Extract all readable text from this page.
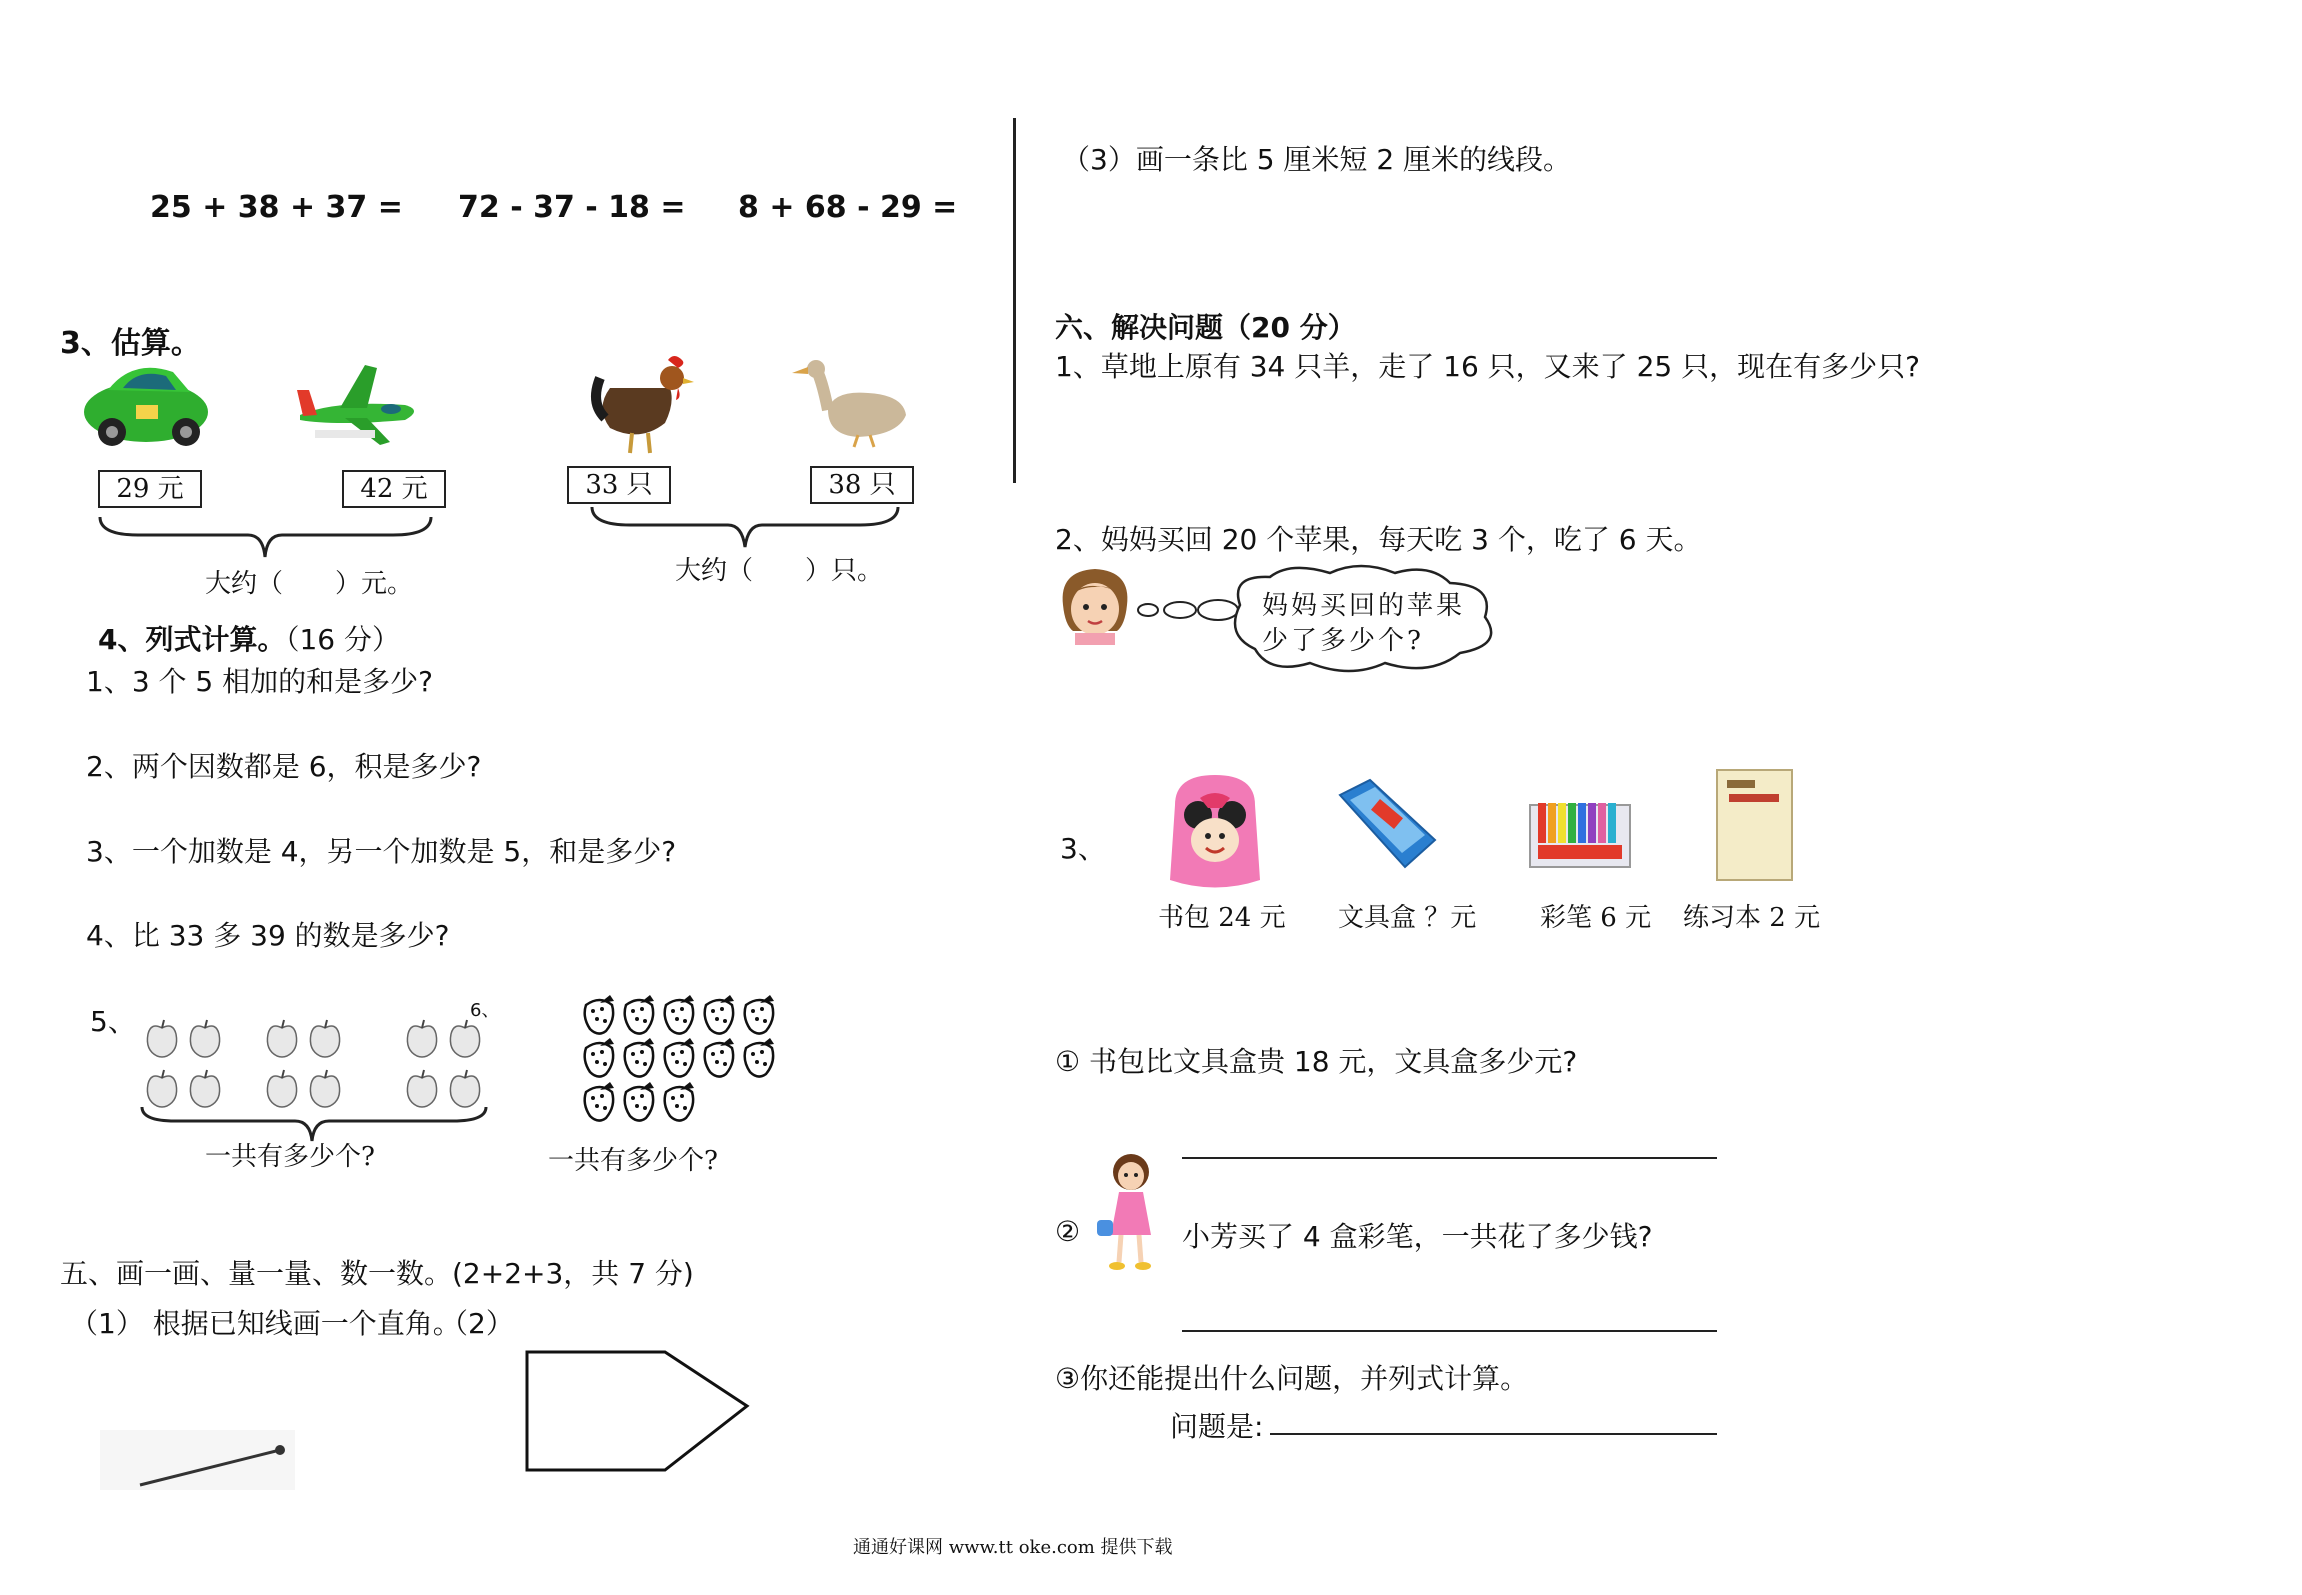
25 + 38 + 37 = 72 - 37 - 18 = 8 + 68 - 29 =
3、估算。
29 元	42 元	33 只	38 只
大约（　　）元。	大约（　　）只。
4、列式计算。（16 分）
1、3 个 5 相加的和是多少?
2、两个因数都是 6，积是多少?
3、一个加数是 4，另一个加数是 5，和是多少?
4、比 33 多 39 的数是多少?
5、	6、
一共有多少个?	一共有多少个?
五、画一画、量一量、数一数。(2+2+3，共 7 分)
（1） 根据已知线画一个直角。
（2）
（3）画一条比 5 厘米短 2 厘米的线段。
六、解决问题（20 分）
1、草地上原有 34 只羊，走了 16 只，又来了 25 只，现在有多少只?
2、妈妈买回 20 个苹果，每天吃 3 个，吃了 6 天。
妈妈买回的苹果
少了多少个?
3、
书包 24 元 文具盒 ？元 彩笔 6 元 练习本 2 元
① 书包比文具盒贵 18 元，文具盒多少元?
②	小芳买了 4 盒彩笔，一共花了多少钱?
③你还能提出什么问题，并列式计算。
问题是:
通通好课网 www.tt oke.com 提供下载
